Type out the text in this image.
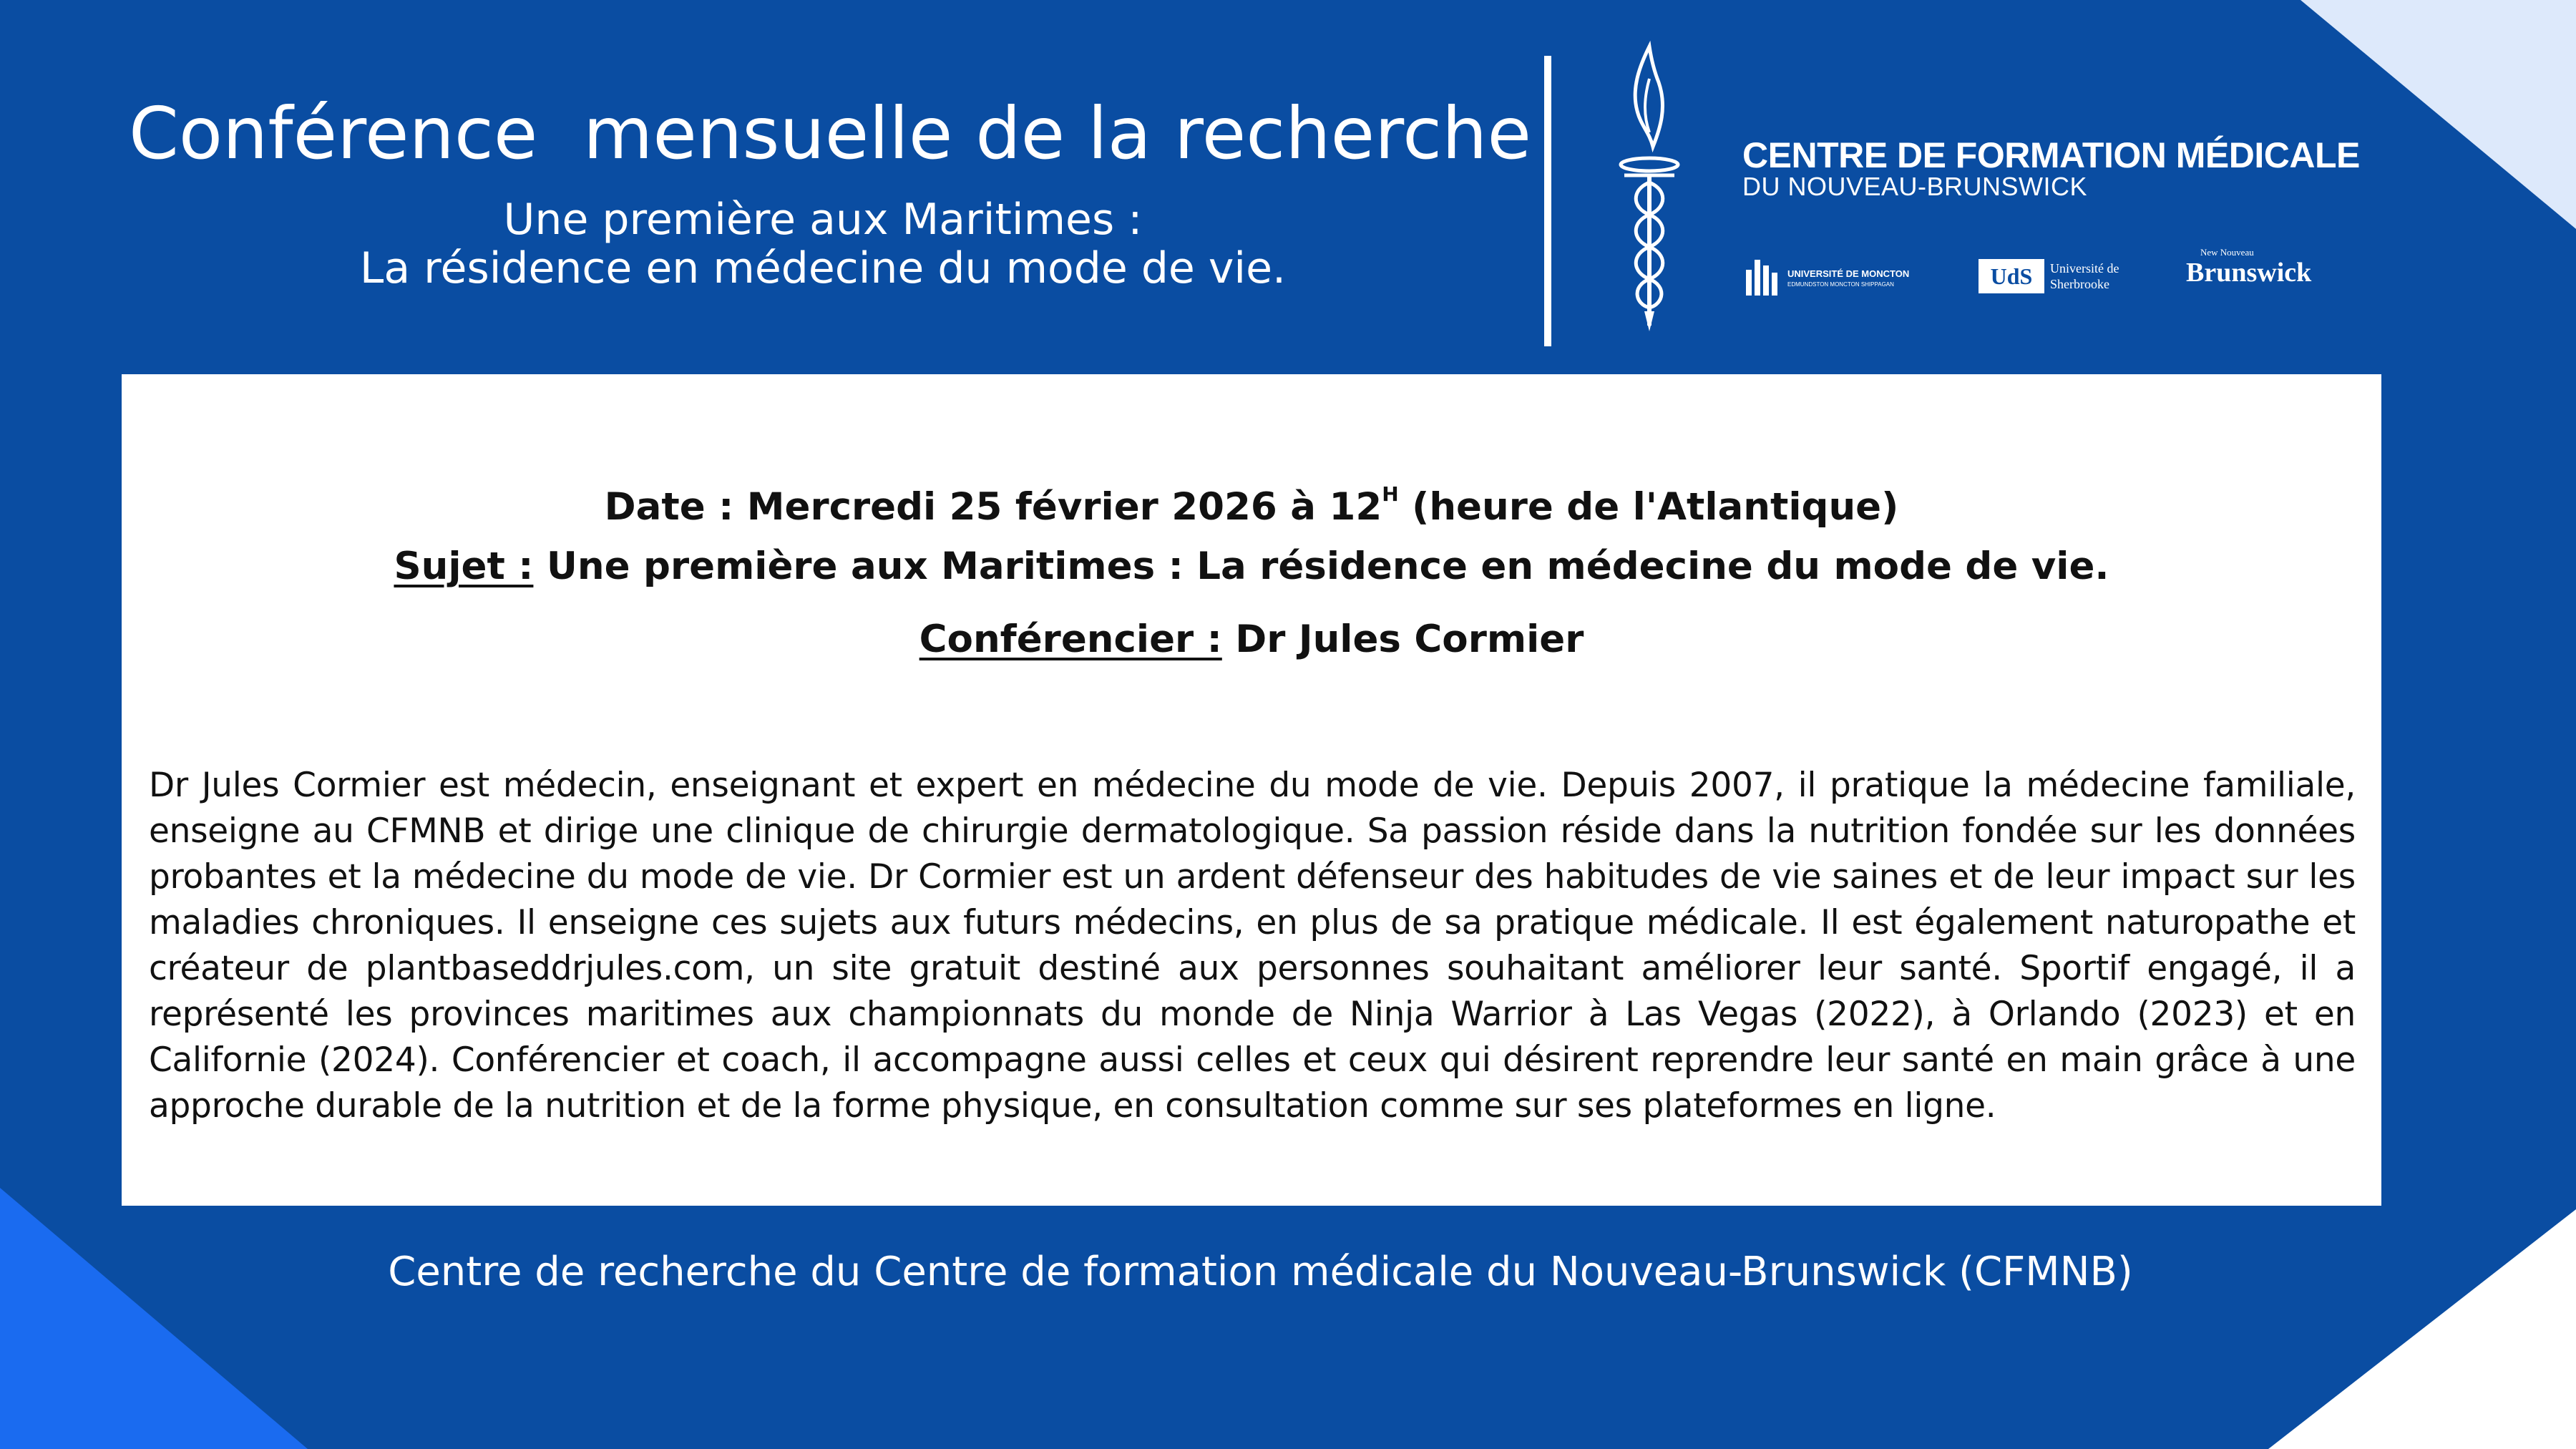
Conférence  mensuelle de la recherche
Une première aux Maritimes :
La résidence en médecine du mode de vie.
CENTRE DE FORMATION MÉDICALE
DU NOUVEAU-BRUNSWICK
UNIVERSITÉ DE MONCTON
EDMUNDSTON MONCTON SHIPPAGAN	UdS	Université de
Sherbrooke
New Nouveau
Brunswick
Date : Mercredi 25 février 2026 à $12^H$ (heure de l'Atlantique)
Sujet : Une première aux Maritimes : La résidence en médecine du mode de vie.
Conférencier : Dr Jules Cormier
Dr Jules Cormier est médecin, enseignant et expert en médecine du mode de vie. Depuis 2007, il pratique la médecine familiale, enseigne au CFMNB et dirige une clinique de chirurgie dermatologique. Sa passion réside dans la nutrition fondée sur les données probantes et la médecine du mode de vie. Dr Cormier est un ardent défenseur des habitudes de vie saines et de leur impact sur les maladies chroniques. Il enseigne ces sujets aux futurs médecins, en plus de sa pratique médicale. Il est également naturopathe et créateur de plantbaseddrjules.com, un site gratuit destiné aux personnes souhaitant améliorer leur santé. Sportif engagé, il a représenté les provinces maritimes aux championnats du monde de Ninja Warrior à Las Vegas (2022), à Orlando (2023) et en Californie (2024). Conférencier et coach, il accompagne aussi celles et ceux qui désirent reprendre leur santé en main grâce à une approche durable de la nutrition et de la forme physique, en consultation comme sur ses plateformes en ligne.
Centre de recherche du Centre de formation médicale du Nouveau-Brunswick (CFMNB)
